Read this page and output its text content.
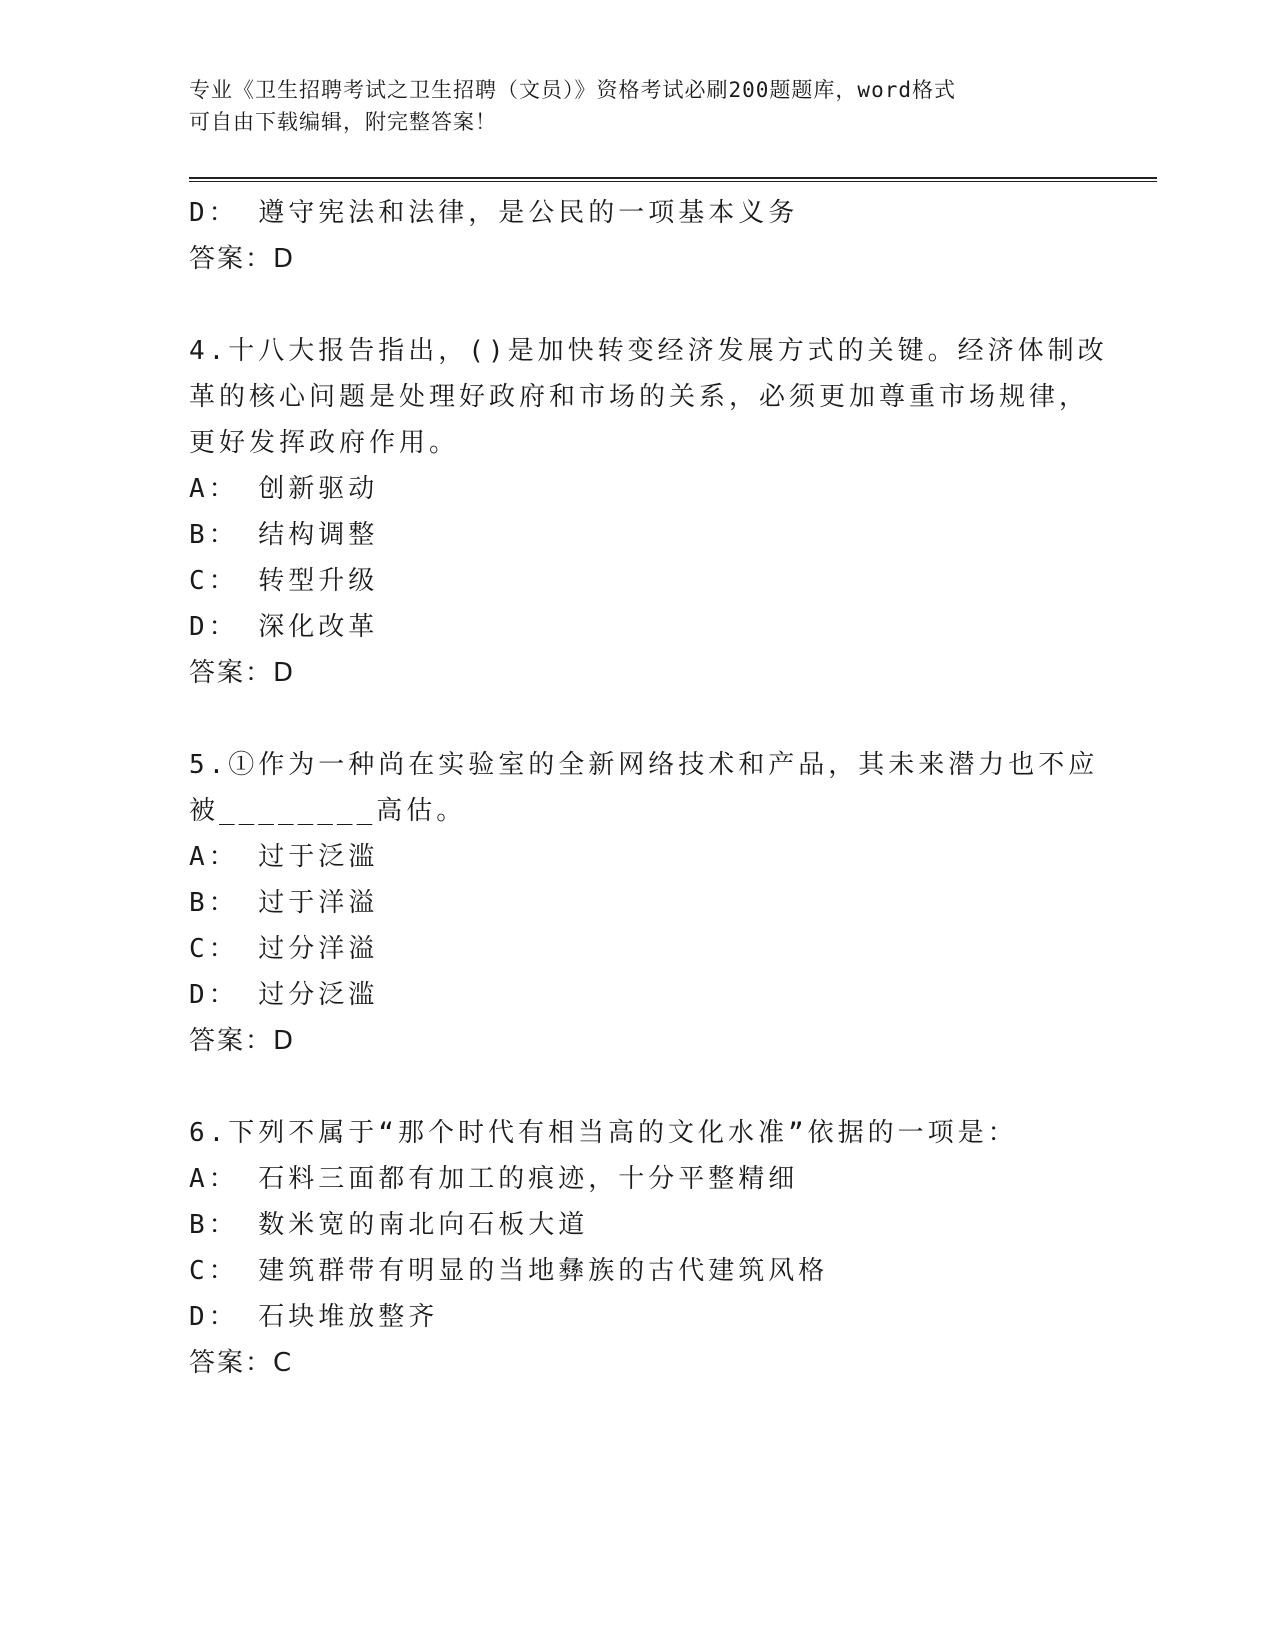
专业《卫生招聘考试之卫生招聘（文员）》资格考试必刷200题题库，word格式
可自由下载编辑，附完整答案！
D： 遵守宪法和法律，是公民的一项基本义务
答案：D
4.十八大报告指出，()是加快转变经济发展方式的关键。经济体制改
革的核心问题是处理好政府和市场的关系，必须更加尊重市场规律，
更好发挥政府作用。
A： 创新驱动
B： 结构调整
C： 转型升级
D： 深化改革
答案：D
5.①作为一种尚在实验室的全新网络技术和产品，其未来潜力也不应
被________高估。
A： 过于泛滥
B： 过于洋溢
C： 过分洋溢
D： 过分泛滥
答案：D
6.下列不属于“那个时代有相当高的文化水准”依据的一项是：
A： 石料三面都有加工的痕迹，十分平整精细
B： 数米宽的南北向石板大道
C： 建筑群带有明显的当地彝族的古代建筑风格
D： 石块堆放整齐
答案：C
